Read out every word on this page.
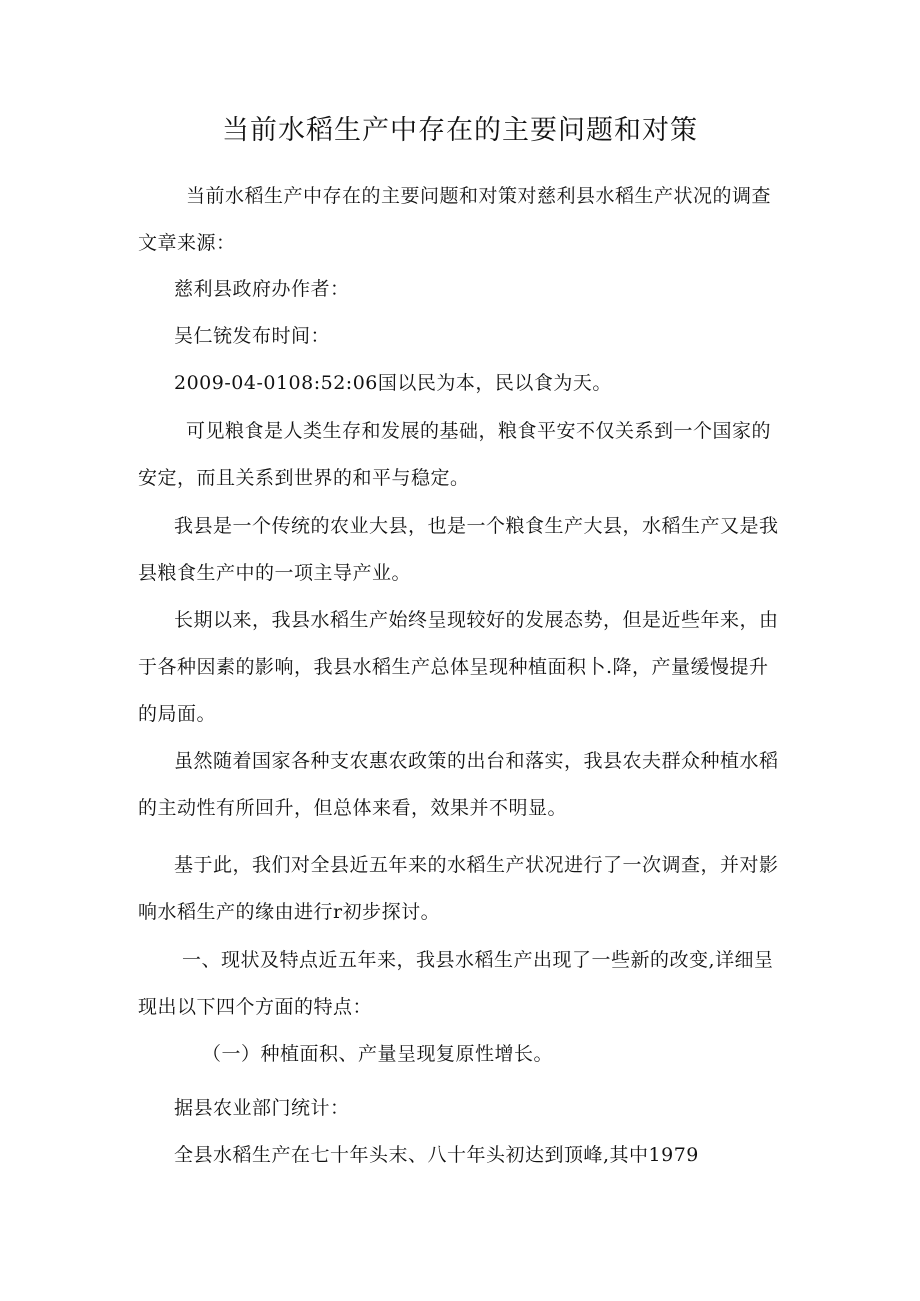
当前水稻生产中存在的主要问题和对策

当前水稻生产中存在的主要问题和对策对慈利县水稻生产状况的调查文章来源：

慈利县政府办作者：

吴仁铳发布时间：

2009-04-0108:52:06国以民为本，民以食为天。

可见粮食是人类生存和发展的基础，粮食平安不仅关系到一个国家的安定，而且关系到世界的和平与稳定。

我县是一个传统的农业大县，也是一个粮食生产大县，水稻生产又是我县粮食生产中的一项主导产业。

长期以来，我县水稻生产始终呈现较好的发展态势，但是近些年来，由于各种因素的影响，我县水稻生产总体呈现种植面积卜.降，产量缓慢提升的局面。

虽然随着国家各种支农惠农政策的出台和落实，我县农夫群众种植水稻的主动性有所回升，但总体来看，效果并不明显。

基于此，我们对全县近五年来的水稻生产状况进行了一次调查，并对影响水稻生产的缘由进行r初步探讨。

一、现状及特点近五年来，我县水稻生产出现了一些新的改变,详细呈现出以下四个方面的特点：

（一）种植面积、产量呈现复原性增长。

据县农业部门统计：

全县水稻生产在七十年头末、八十年头初达到顶峰,其中1979
